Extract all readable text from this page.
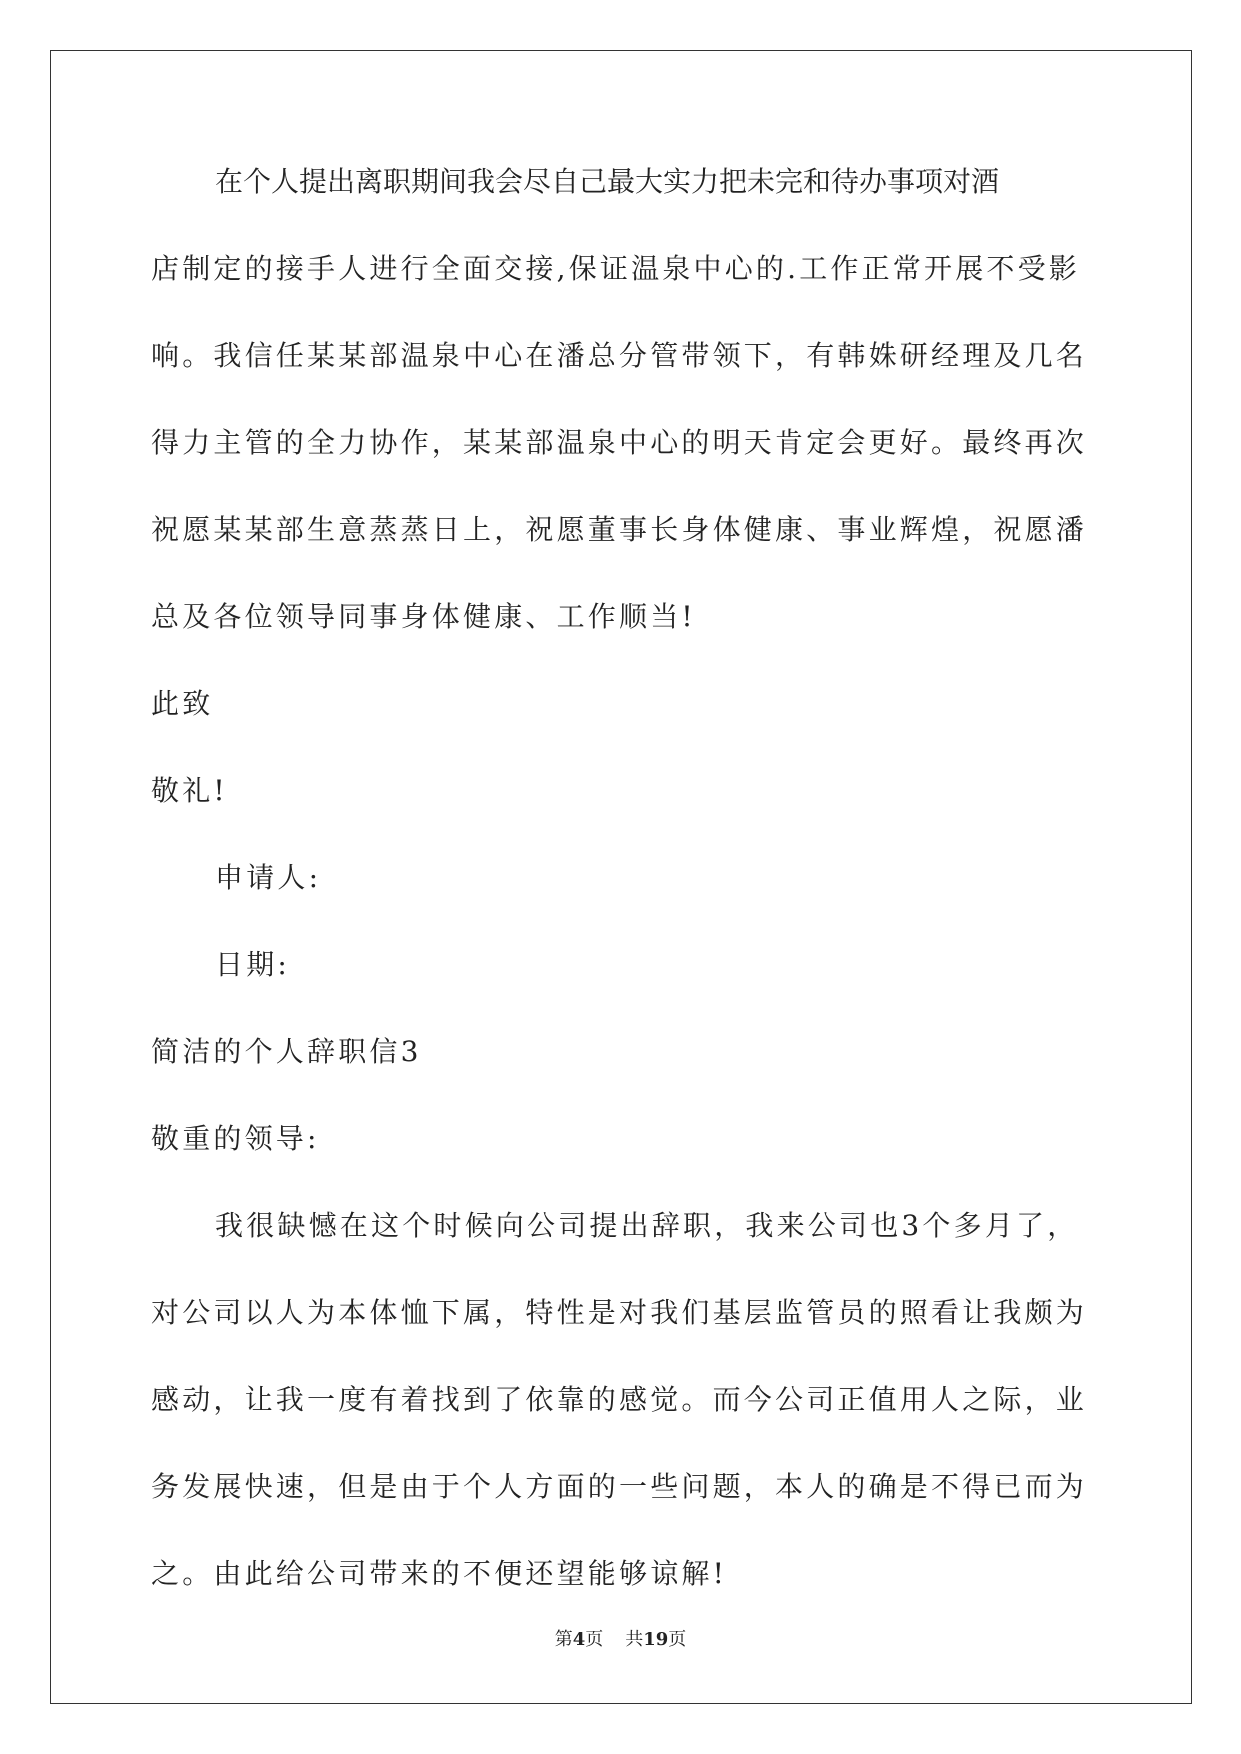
在个人提出离职期间我会尽自己最大实力把未完和待办事项对酒
店制定的接手人进行全面交接,保证温泉中心的.工作正常开展不受影
响。我信任某某部温泉中心在潘总分管带领下，有韩姝研经理及几名
得力主管的全力协作，某某部温泉中心的明天肯定会更好。最终再次
祝愿某某部生意蒸蒸日上，祝愿董事长身体健康、事业辉煌，祝愿潘
总及各位领导同事身体健康、工作顺当!
此致
敬礼!
申请人:
日期:
简洁的个人辞职信3
敬重的领导:
我很缺憾在这个时候向公司提出辞职，我来公司也3个多月了，
对公司以人为本体恤下属，特性是对我们基层监管员的照看让我颇为
感动，让我一度有着找到了依靠的感觉。而今公司正值用人之际，业
务发展快速，但是由于个人方面的一些问题，本人的确是不得已而为
之。由此给公司带来的不便还望能够谅解!
第4页 共19页
